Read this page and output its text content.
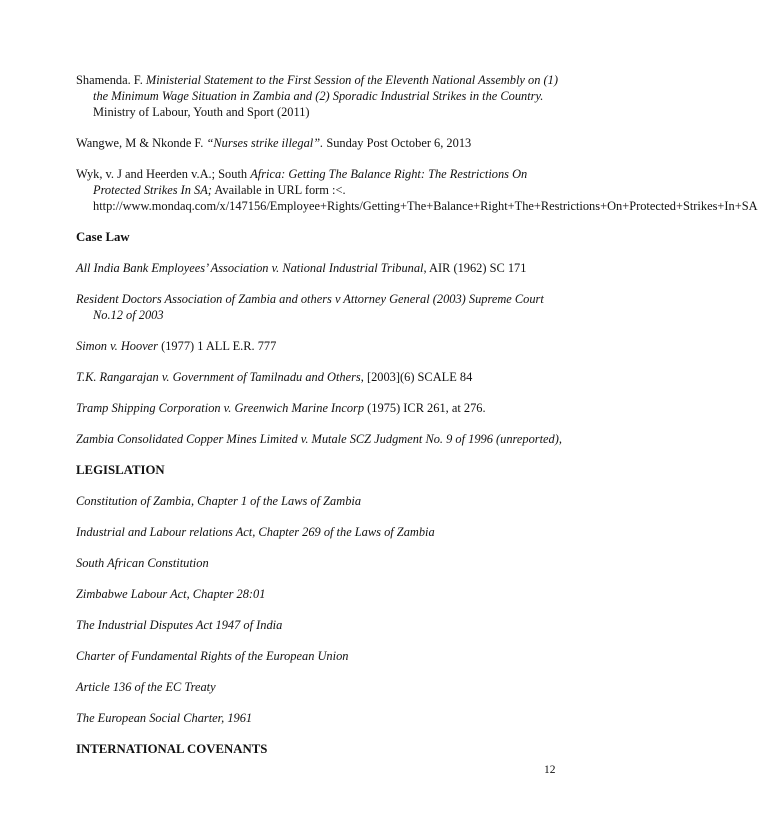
Shamenda. F. Ministerial Statement to the First Session of the Eleventh National Assembly on (1) the Minimum Wage Situation in Zambia and (2) Sporadic Industrial Strikes in the Country. Ministry of Labour, Youth and Sport (2011)
Wangwe, M & Nkonde F. “Nurses strike illegal”. Sunday Post October 6, 2013
Wyk, v. J and Heerden v.A.; South Africa: Getting The Balance Right: The Restrictions On Protected Strikes In SA; Available in URL form :<. http://www.mondaq.com/x/147156/Employee+Rights/Getting+The+Balance+Right+The+Restrictions+On+Protected+Strikes+In+SA
Case Law
All India Bank Employees’ Association v. National Industrial Tribunal, AIR (1962) SC 171
Resident Doctors Association of Zambia and others v Attorney General (2003) Supreme Court No.12 of 2003
Simon v. Hoover (1977) 1 ALL E.R. 777
T.K. Rangarajan v. Government of Tamilnadu and Others, [2003](6) SCALE 84
Tramp Shipping Corporation v. Greenwich Marine Incorp (1975) ICR 261, at 276.
Zambia Consolidated Copper Mines Limited v. Mutale SCZ Judgment No. 9 of 1996 (unreported),
LEGISLATION
Constitution of Zambia, Chapter 1 of the Laws of Zambia
Industrial and Labour relations Act, Chapter 269 of the Laws of Zambia
South African Constitution
Zimbabwe Labour Act, Chapter 28:01
The Industrial Disputes Act 1947 of India
Charter of Fundamental Rights of the European Union
Article 136 of the EC Treaty
The European Social Charter, 1961
INTERNATIONAL COVENANTS
12
